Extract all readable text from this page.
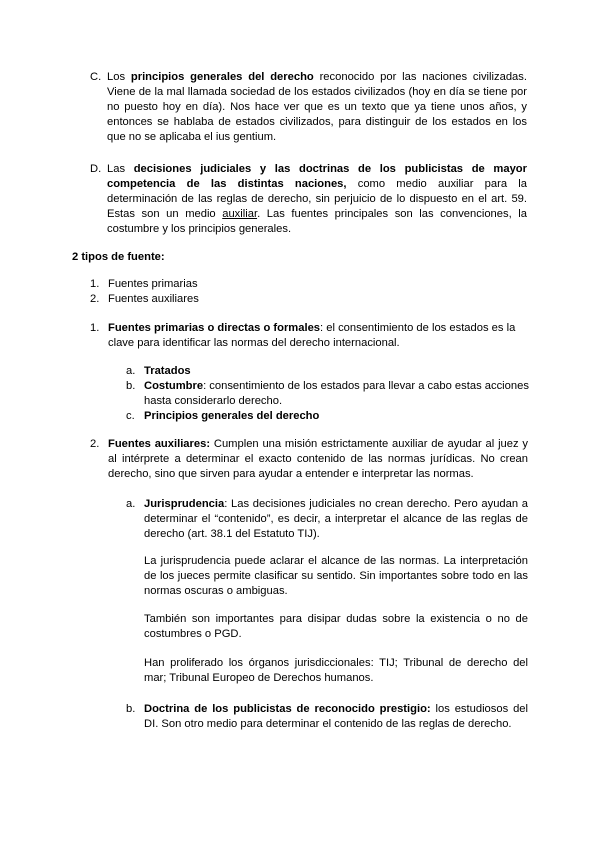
C. Los principios generales del derecho reconocido por las naciones civilizadas. Viene de la mal llamada sociedad de los estados civilizados (hoy en día se tiene por no puesto hoy en día). Nos hace ver que es un texto que ya tiene unos años, y entonces se hablaba de estados civilizados, para distinguir de los estados en los que no se aplicaba el ius gentium.

D. Las decisiones judiciales y las doctrinas de los publicistas de mayor competencia de las distintas naciones, como medio auxiliar para la determinación de las reglas de derecho, sin perjuicio de lo dispuesto en el art. 59. Estas son un medio auxiliar. Las fuentes principales son las convenciones, la costumbre y los principios generales.

2 tipos de fuente:

1. Fuentes primarias

2. Fuentes auxiliares

1. Fuentes primarias o directas o formales: el consentimiento de los estados es la clave para identificar las normas del derecho internacional.

a. Tratados

b. Costumbre: consentimiento de los estados para llevar a cabo estas acciones hasta considerarlo derecho.

c. Principios generales del derecho

2. Fuentes auxiliares: Cumplen una misión estrictamente auxiliar de ayudar al juez y al intérprete a determinar el exacto contenido de las normas jurídicas. No crean derecho, sino que sirven para ayudar a entender e interpretar las normas.

a. Jurisprudencia: Las decisiones judiciales no crean derecho. Pero ayudan a determinar el “contenido”, es decir, a interpretar el alcance de las reglas de derecho (art. 38.1 del Estatuto TIJ).

La jurisprudencia puede aclarar el alcance de las normas. La interpretación de los jueces permite clasificar su sentido. Sin importantes sobre todo en las normas oscuras o ambiguas.

También son importantes para disipar dudas sobre la existencia o no de costumbres o PGD.

Han proliferado los órganos jurisdiccionales: TIJ; Tribunal de derecho del mar; Tribunal Europeo de Derechos humanos.

b. Doctrina de los publicistas de reconocido prestigio: los estudiosos del DI. Son otro medio para determinar el contenido de las reglas de derecho.
